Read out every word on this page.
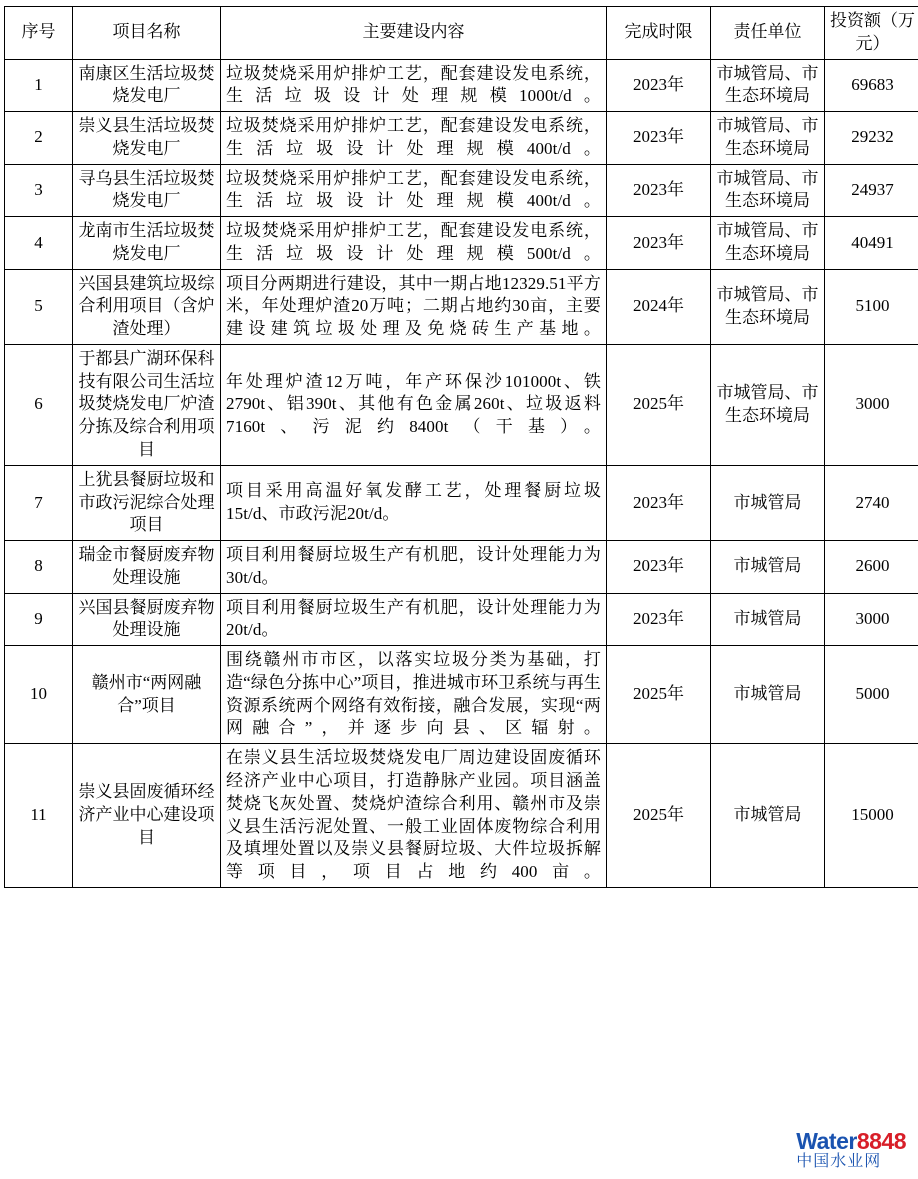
序号	项目名称	主要建设内容	完成时限	责任单位	投资额（万元）
1	南康区生活垃圾焚烧发电厂	垃圾焚烧采用炉排炉工艺，配套建设发电系统，生活垃圾设计处理规模1000t/d。	2023年	市城管局、市生态环境局	69683
2	崇义县生活垃圾焚烧发电厂	垃圾焚烧采用炉排炉工艺，配套建设发电系统，生活垃圾设计处理规模400t/d。	2023年	市城管局、市生态环境局	29232
3	寻乌县生活垃圾焚烧发电厂	垃圾焚烧采用炉排炉工艺，配套建设发电系统，生活垃圾设计处理规模400t/d。	2023年	市城管局、市生态环境局	24937
4	龙南市生活垃圾焚烧发电厂	垃圾焚烧采用炉排炉工艺，配套建设发电系统，生活垃圾设计处理规模500t/d。	2023年	市城管局、市生态环境局	40491
5	兴国县建筑垃圾综合利用项目（含炉渣处理）	项目分两期进行建设，其中一期占地12329.51平方米，年处理炉渣20万吨；二期占地约30亩，主要建设建筑垃圾处理及免烧砖生产基地。	2024年	市城管局、市生态环境局	5100
6	于都县广湖环保科技有限公司生活垃圾焚烧发电厂炉渣分拣及综合利用项目	年处理炉渣12万吨，年产环保沙101000t、铁2790t、铝390t、其他有色金属260t、垃圾返料7160t、污泥约8400t（干基）。	2025年	市城管局、市生态环境局	3000
7	上犹县餐厨垃圾和市政污泥综合处理项目	项目采用高温好氧发酵工艺，处理餐厨垃圾15t/d、市政污泥20t/d。	2023年	市城管局	2740
8	瑞金市餐厨废弃物处理设施	项目利用餐厨垃圾生产有机肥，设计处理能力为30t/d。	2023年	市城管局	2600
9	兴国县餐厨废弃物处理设施	项目利用餐厨垃圾生产有机肥，设计处理能力为20t/d。	2023年	市城管局	3000
10	赣州市“两网融合”项目	围绕赣州市市区，以落实垃圾分类为基础，打造“绿色分拣中心”项目，推进城市环卫系统与再生资源系统两个网络有效衔接，融合发展，实现“两网融合”，并逐步向县、区辐射。	2025年	市城管局	5000
11	崇义县固废循环经济产业中心建设项目	在崇义县生活垃圾焚烧发电厂周边建设固废循环经济产业中心项目，打造静脉产业园。项目涵盖焚烧飞灰处置、焚烧炉渣综合利用、赣州市及崇义县生活污泥处置、一般工业固体废物综合利用及填埋处置以及崇义县餐厨垃圾、大件垃圾拆解等项目，项目占地约400亩。	2025年	市城管局	15000
Water8848
中国水业网
